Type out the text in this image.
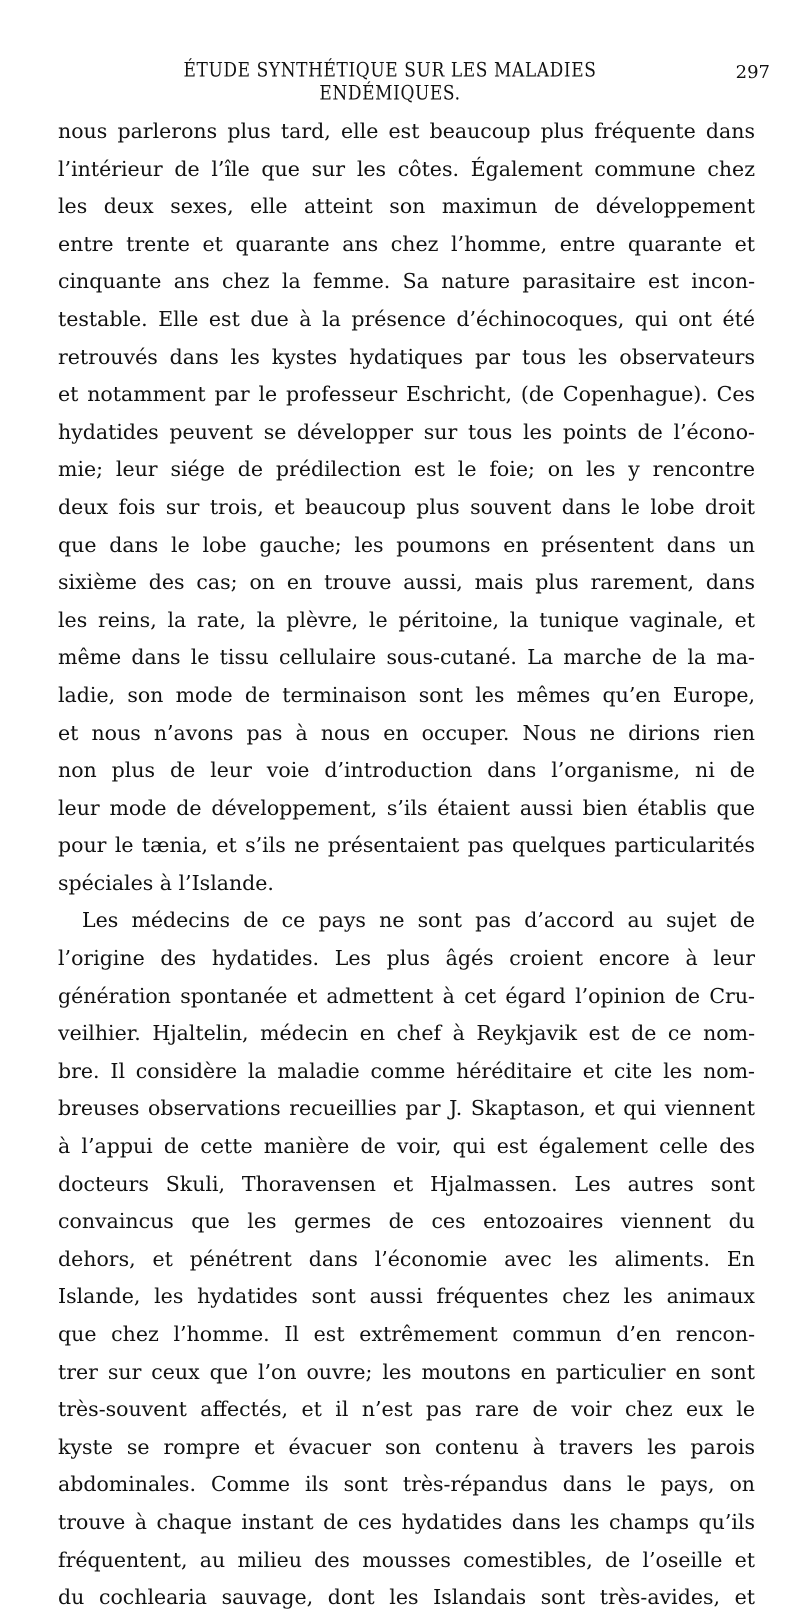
ÉTUDE SYNTHÉTIQUE SUR LES MALADIES ENDÉMIQUES.
297
nous parlerons plus tard, elle est beaucoup plus fréquente dans
l’intérieur de l’île que sur les côtes. Également commune chez
les deux sexes, elle atteint son maximun de développement
entre trente et quarante ans chez l’homme, entre quarante et
cinquante ans chez la femme. Sa nature parasitaire est incon-
testable. Elle est due à la présence d’échinocoques, qui ont été
retrouvés dans les kystes hydatiques par tous les observateurs
et notamment par le professeur Eschricht, (de Copenhague). Ces
hydatides peuvent se développer sur tous les points de l’écono-
mie; leur siége de prédilection est le foie; on les y rencontre
deux fois sur trois, et beaucoup plus souvent dans le lobe droit
que dans le lobe gauche; les poumons en présentent dans un
sixième des cas; on en trouve aussi, mais plus rarement, dans
les reins, la rate, la plèvre, le péritoine, la tunique vaginale, et
même dans le tissu cellulaire sous-cutané. La marche de la ma-
ladie, son mode de terminaison sont les mêmes qu’en Europe,
et nous n’avons pas à nous en occuper. Nous ne dirions rien
non plus de leur voie d’introduction dans l’organisme, ni de
leur mode de développement, s’ils étaient aussi bien établis que
pour le tænia, et s’ils ne présentaient pas quelques particularités
spéciales à l’Islande.
Les médecins de ce pays ne sont pas d’accord au sujet de
l’origine des hydatides. Les plus âgés croient encore à leur
génération spontanée et admettent à cet égard l’opinion de Cru-
veilhier. Hjaltelin, médecin en chef à Reykjavik est de ce nom-
bre. Il considère la maladie comme héréditaire et cite les nom-
breuses observations recueillies par J. Skaptason, et qui viennent
à l’appui de cette manière de voir, qui est également celle des
docteurs Skuli, Thoravensen et Hjalmassen. Les autres sont
convaincus que les germes de ces entozoaires viennent du
dehors, et pénétrent dans l’économie avec les aliments. En
Islande, les hydatides sont aussi fréquentes chez les animaux
que chez l’homme. Il est extrêmement commun d’en rencon-
trer sur ceux que l’on ouvre; les moutons en particulier en sont
très-souvent affectés, et il n’est pas rare de voir chez eux le
kyste se rompre et évacuer son contenu à travers les parois
abdominales. Comme ils sont très-répandus dans le pays, on
trouve à chaque instant de ces hydatides dans les champs qu’ils
fréquentent, au milieu des mousses comestibles, de l’oseille et
du cochlearia sauvage, dont les Islandais sont très-avides, et
